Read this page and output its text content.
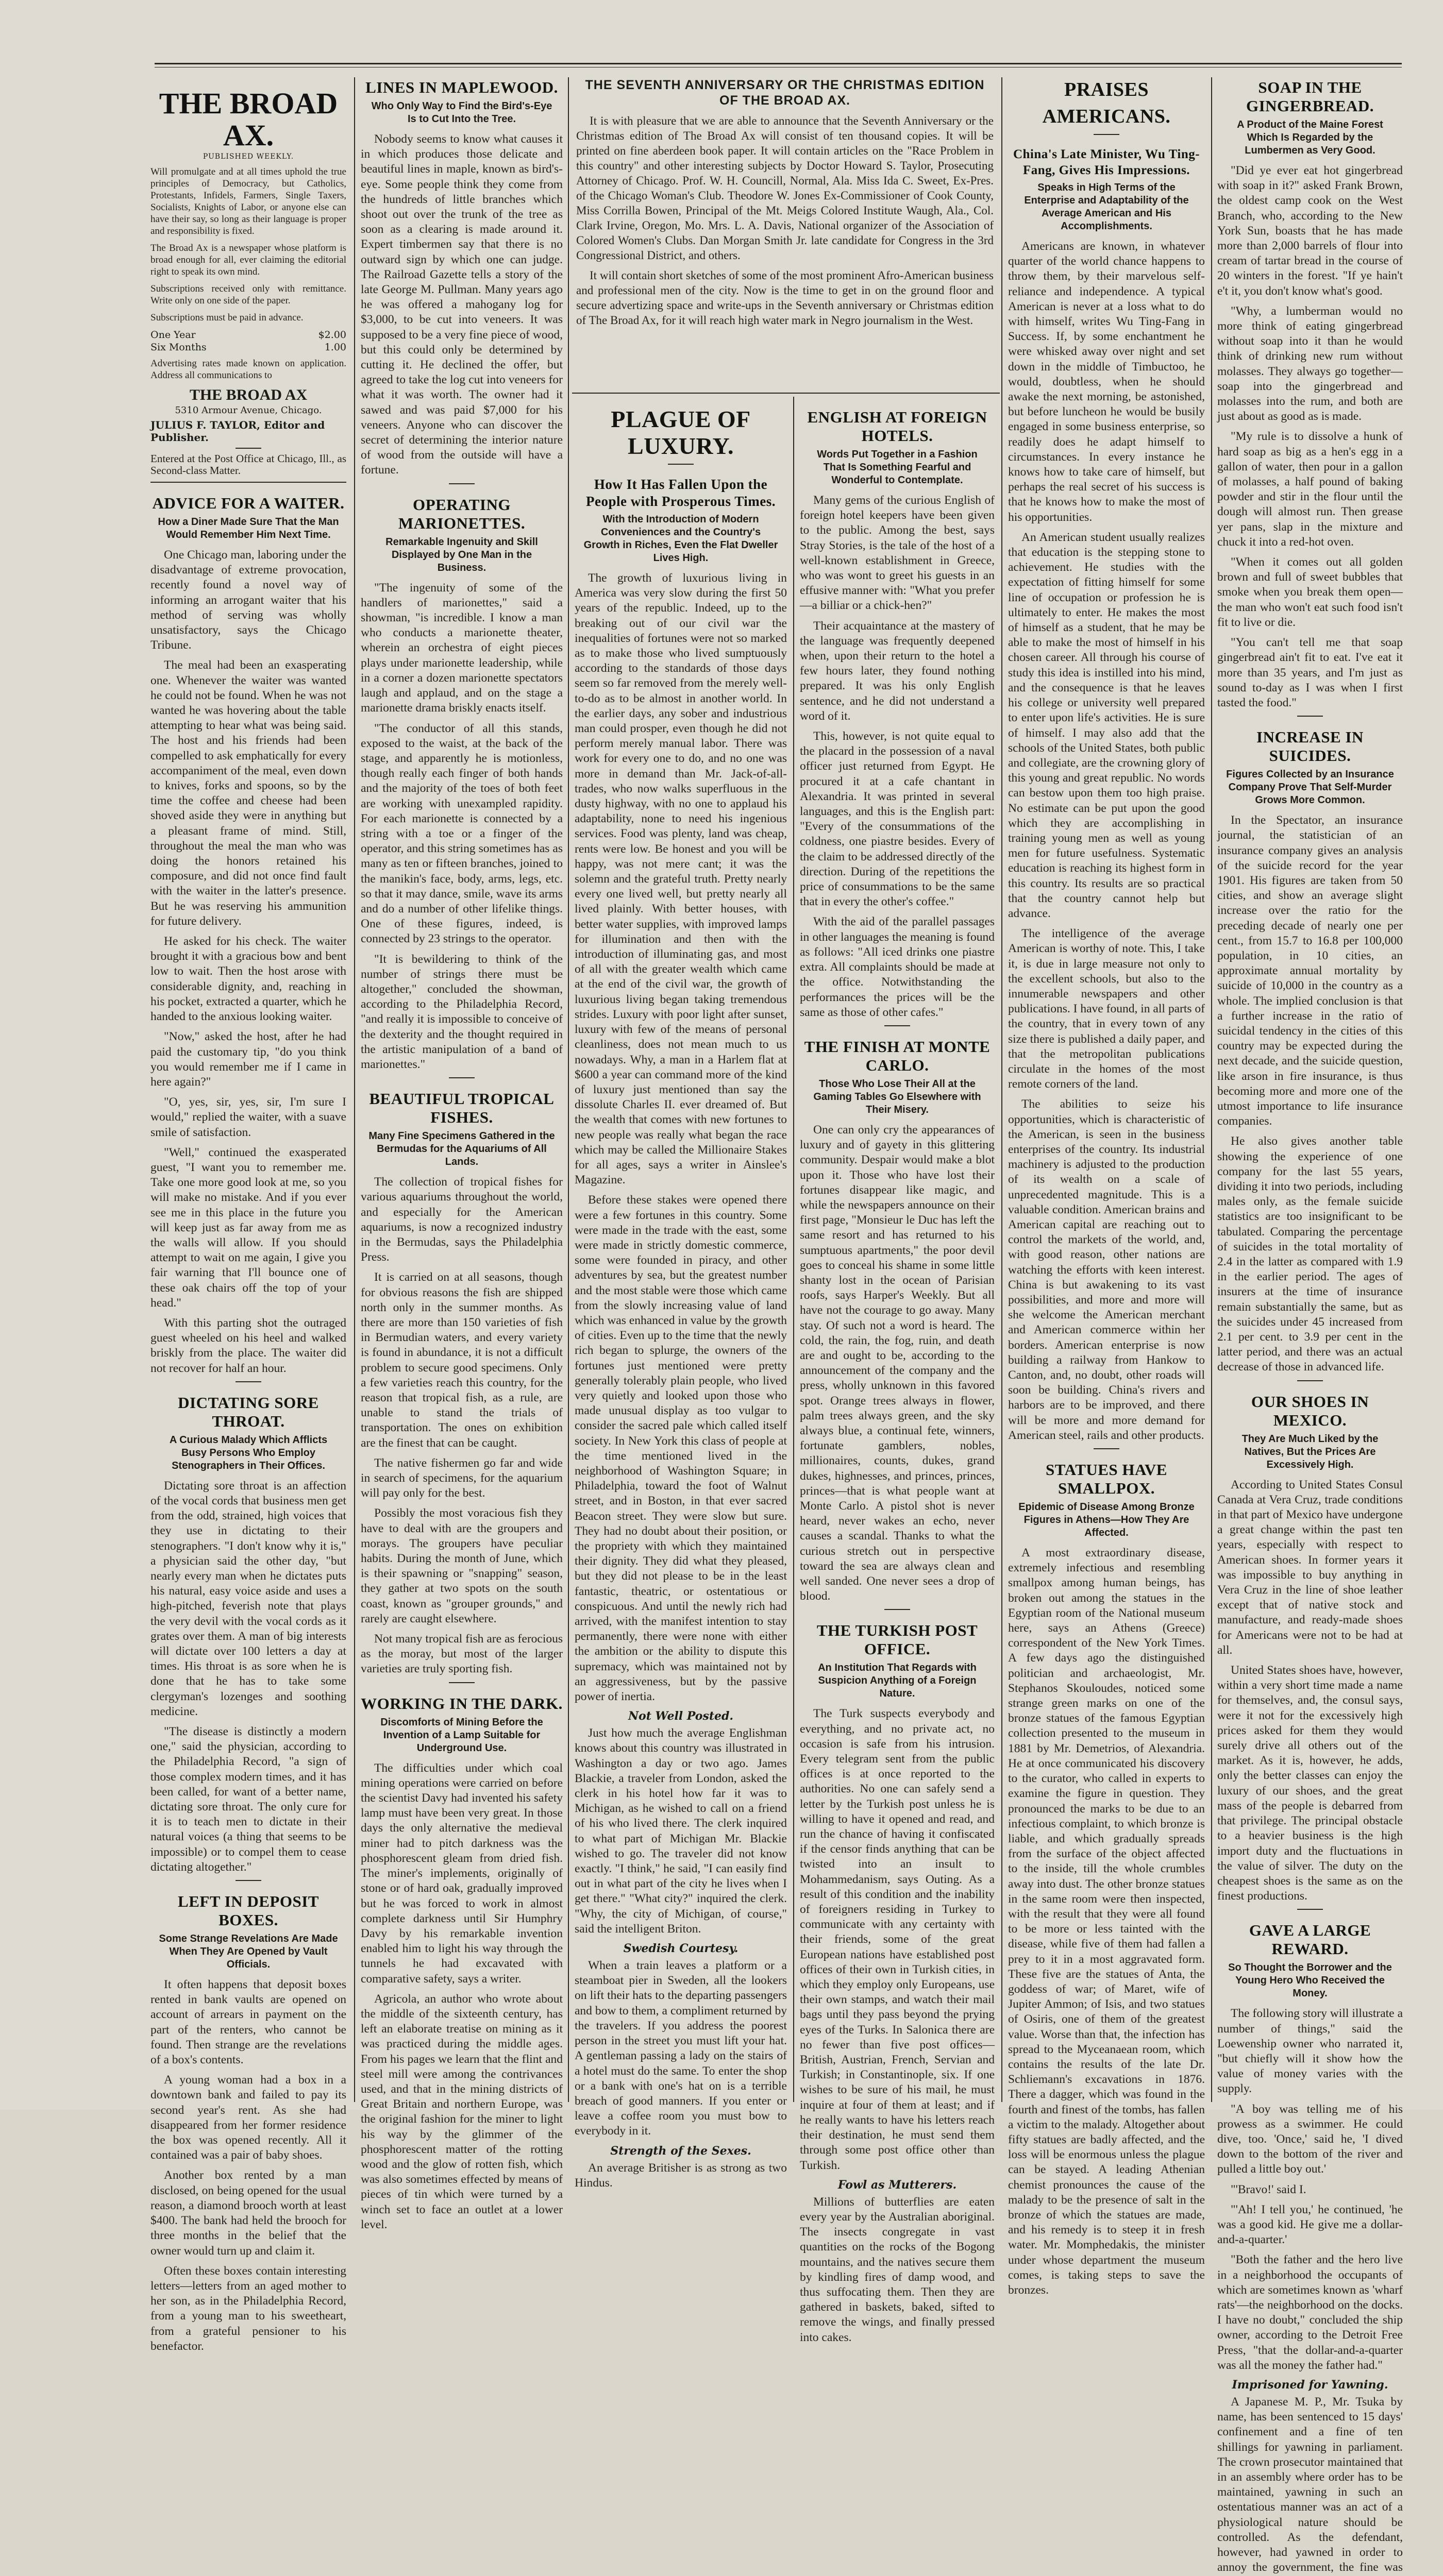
THE BROAD AX.
PUBLISHED WEEKLY.

Will promulgate and at all times uphold the true principles of Democracy, but Catholics, Protestants, Infidels, Farmers, Single Taxers, Socialists, Knights of Labor, or anyone else can have their say, so long as their language is proper and responsibility is fixed.

The Broad Ax is a newspaper whose platform is broad enough for all, ever claiming the editorial right to speak its own mind.

Subscriptions received only with remittance. Write only on one side of the paper.

Subscriptions must be paid in advance.

One Year	$2.00
Six Months	1.00

Advertising rates made known on application. Address all communications to

THE BROAD AX
5310 Armour Avenue, Chicago.
JULIUS F. TAYLOR, Editor and Publisher.

Entered at the Post Office at Chicago, Ill., as Second-class Matter.

ADVICE FOR A WAITER.
How a Diner Made Sure That the Man Would Remember Him Next Time.

One Chicago man, laboring under the disadvantage of extreme provocation, recently found a novel way of informing an arrogant waiter that his method of serving was wholly unsatisfactory, says the Chicago Tribune.

The meal had been an exasperating one. Whenever the waiter was wanted he could not be found. When he was not wanted he was hovering about the table attempting to hear what was being said. The host and his friends had been compelled to ask emphatically for every accompaniment of the meal, even down to knives, forks and spoons, so by the time the coffee and cheese had been shoved aside they were in anything but a pleasant frame of mind. Still, throughout the meal the man who was doing the honors retained his composure, and did not once find fault with the waiter in the latter's presence. But he was reserving his ammunition for future delivery.

He asked for his check. The waiter brought it with a gracious bow and bent low to wait. Then the host arose with considerable dignity, and, reaching in his pocket, extracted a quarter, which he handed to the anxious looking waiter.

"Now," asked the host, after he had paid the customary tip, "do you think you would remember me if I came in here again?"

"O, yes, sir, yes, sir, I'm sure I would," replied the waiter, with a suave smile of satisfaction.

"Well," continued the exasperated guest, "I want you to remember me. Take one more good look at me, so you will make no mistake. And if you ever see me in this place in the future you will keep just as far away from me as the walls will allow. If you should attempt to wait on me again, I give you fair warning that I'll bounce one of these oak chairs off the top of your head."

With this parting shot the outraged guest wheeled on his heel and walked briskly from the place. The waiter did not recover for half an hour.

DICTATING SORE THROAT.
A Curious Malady Which Afflicts Busy Persons Who Employ Stenographers in Their Offices.

Dictating sore throat is an affection of the vocal cords that business men get from the odd, strained, high voices that they use in dictating to their stenographers. "I don't know why it is," a physician said the other day, "but nearly every man when he dictates puts his natural, easy voice aside and uses a high-pitched, feverish note that plays the very devil with the vocal cords as it grates over them. A man of big interests will dictate over 100 letters a day at times. His throat is as sore when he is done that he has to take some clergyman's lozenges and soothing medicine.

"The disease is distinctly a modern one," said the physician, according to the Philadelphia Record, "a sign of those complex modern times, and it has been called, for want of a better name, dictating sore throat. The only cure for it is to teach men to dictate in their natural voices (a thing that seems to be impossible) or to compel them to cease dictating altogether."

LEFT IN DEPOSIT BOXES.
Some Strange Revelations Are Made When They Are Opened by Vault Officials.

It often happens that deposit boxes rented in bank vaults are opened on account of arrears in payment on the part of the renters, who cannot be found. Then strange are the revelations of a box's contents.

A young woman had a box in a downtown bank and failed to pay its second year's rent. As she had disappeared from her former residence the box was opened recently. All it contained was a pair of baby shoes.

Another box rented by a man disclosed, on being opened for the usual reason, a diamond brooch worth at least $400. The bank had held the brooch for three months in the belief that the owner would turn up and claim it.

Often these boxes contain interesting letters—letters from an aged mother to her son, as in the Philadelphia Record, from a young man to his sweetheart, from a grateful pensioner to his benefactor.

LINES IN MAPLEWOOD.
Who Only Way to Find the Bird's-Eye Is to Cut Into the Tree.

Nobody seems to know what causes it in which produces those delicate and beautiful lines in maple, known as bird's-eye. Some people think they come from the hundreds of little branches which shoot out over the trunk of the tree as soon as a clearing is made around it. Expert timbermen say that there is no outward sign by which one can judge. The Railroad Gazette tells a story of the late George M. Pullman. Many years ago he was offered a mahogany log for $3,000, to be cut into veneers. It was supposed to be a very fine piece of wood, but this could only be determined by cutting it. He declined the offer, but agreed to take the log cut into veneers for what it was worth. The owner had it sawed and was paid $7,000 for his veneers. Anyone who can discover the secret of determining the interior nature of wood from the outside will have a fortune.

OPERATING MARIONETTES.
Remarkable Ingenuity and Skill Displayed by One Man in the Business.

"The ingenuity of some of the handlers of marionettes," said a showman, "is incredible. I know a man who conducts a marionette theater, wherein an orchestra of eight pieces plays under marionette leadership, while in a corner a dozen marionette spectators laugh and applaud, and on the stage a marionette drama briskly enacts itself.

"The conductor of all this stands, exposed to the waist, at the back of the stage, and apparently he is motionless, though really each finger of both hands and the majority of the toes of both feet are working with unexampled rapidity. For each marionette is connected by a string with a toe or a finger of the operator, and this string sometimes has as many as ten or fifteen branches, joined to the manikin's face, body, arms, legs, etc. so that it may dance, smile, wave its arms and do a number of other lifelike things. One of these figures, indeed, is connected by 23 strings to the operator.

"It is bewildering to think of the number of strings there must be altogether," concluded the showman, according to the Philadelphia Record, "and really it is impossible to conceive of the dexterity and the thought required in the artistic manipulation of a band of marionettes."

BEAUTIFUL TROPICAL FISHES.
Many Fine Specimens Gathered in the Bermudas for the Aquariums of All Lands.

The collection of tropical fishes for various aquariums throughout the world, and especially for the American aquariums, is now a recognized industry in the Bermudas, says the Philadelphia Press.

It is carried on at all seasons, though for obvious reasons the fish are shipped north only in the summer months. As there are more than 150 varieties of fish in Bermudian waters, and every variety is found in abundance, it is not a difficult problem to secure good specimens. Only a few varieties reach this country, for the reason that tropical fish, as a rule, are unable to stand the trials of transportation. The ones on exhibition are the finest that can be caught.

The native fishermen go far and wide in search of specimens, for the aquarium will pay only for the best.

Possibly the most voracious fish they have to deal with are the groupers and morays. The groupers have peculiar habits. During the month of June, which is their spawning or "snapping" season, they gather at two spots on the south coast, known as "grouper grounds," and rarely are caught elsewhere.

Not many tropical fish are as ferocious as the moray, but most of the larger varieties are truly sporting fish.

WORKING IN THE DARK.
Discomforts of Mining Before the Invention of a Lamp Suitable for Underground Use.

The difficulties under which coal mining operations were carried on before the scientist Davy had invented his safety lamp must have been very great. In those days the only alternative the medieval miner had to pitch darkness was the phosphorescent gleam from dried fish. The miner's implements, originally of stone or of hard oak, gradually improved but he was forced to work in almost complete darkness until Sir Humphry Davy by his remarkable invention enabled him to light his way through the tunnels he had excavated with comparative safety, says a writer.

Agricola, an author who wrote about the middle of the sixteenth century, has left an elaborate treatise on mining as it was practiced during the middle ages. From his pages we learn that the flint and steel mill were among the contrivances used, and that in the mining districts of Great Britain and northern Europe, was the original fashion for the miner to light his way by the glimmer of the phosphorescent matter of the rotting wood and the glow of rotten fish, which was also sometimes effected by means of pieces of tin which were turned by a winch set to face an outlet at a lower level.

THE SEVENTH ANNIVERSARY OR THE CHRISTMAS EDITION OF THE BROAD AX.

It is with pleasure that we are able to announce that the Seventh Anniversary or the Christmas edition of The Broad Ax will consist of ten thousand copies. It will be printed on fine aberdeen book paper. It will contain articles on the "Race Problem in this country" and other interesting subjects by Doctor Howard S. Taylor, Prosecuting Attorney of Chicago. Prof. W. H. Councill, Normal, Ala. Miss Ida C. Sweet, Ex-Pres. of the Chicago Woman's Club. Theodore W. Jones Ex-Commissioner of Cook County, Miss Corrilla Bowen, Principal of the Mt. Meigs Colored Institute Waugh, Ala., Col. Clark Irvine, Oregon, Mo. Mrs. L. A. Davis, National organizer of the Association of Colored Women's Clubs. Dan Morgan Smith Jr. late candidate for Congress in the 3rd Congressional District, and others.

It will contain short sketches of some of the most prominent Afro-American business and professional men of the city. Now is the time to get in on the ground floor and secure advertizing space and write-ups in the Seventh anniversary or Christmas edition of The Broad Ax, for it will reach high water mark in Negro journalism in the West.

PLAGUE OF LUXURY.
How It Has Fallen Upon the People with Prosperous Times.
With the Introduction of Modern Conveniences and the Country's Growth in Riches, Even the Flat Dweller Lives High.

The growth of luxurious living in America was very slow during the first 50 years of the republic. Indeed, up to the breaking out of our civil war the inequalities of fortunes were not so marked as to make those who lived sumptuously according to the standards of those days seem so far removed from the merely well-to-do as to be almost in another world. In the earlier days, any sober and industrious man could prosper, even though he did not perform merely manual labor. There was work for every one to do, and no one was more in demand than Mr. Jack-of-all-trades, who now walks superfluous in the dusty highway, with no one to applaud his adaptability, none to need his ingenious services. Food was plenty, land was cheap, rents were low. Be honest and you will be happy, was not mere cant; it was the solemn and the grateful truth. Pretty nearly every one lived well, but pretty nearly all lived plainly. With better houses, with better water supplies, with improved lamps for illumination and then with the introduction of illuminating gas, and most of all with the greater wealth which came at the end of the civil war, the growth of luxurious living began taking tremendous strides. Luxury with poor light after sunset, luxury with few of the means of personal cleanliness, does not mean much to us nowadays. Why, a man in a Harlem flat at $600 a year can command more of the kind of luxury just mentioned than say the dissolute Charles II. ever dreamed of. But the wealth that comes with new fortunes to new people was really what began the race which may be called the Millionaire Stakes for all ages, says a writer in Ainslee's Magazine.

Before these stakes were opened there were a few fortunes in this country. Some were made in the trade with the east, some were made in strictly domestic commerce, some were founded in piracy, and other adventures by sea, but the greatest number and the most stable were those which came from the slowly increasing value of land which was enhanced in value by the growth of cities. Even up to the time that the newly rich began to splurge, the owners of the fortunes just mentioned were pretty generally tolerably plain people, who lived very quietly and looked upon those who made unusual display as too vulgar to consider the sacred pale which called itself society. In New York this class of people at the time mentioned lived in the neighborhood of Washington Square; in Philadelphia, toward the foot of Walnut street, and in Boston, in that ever sacred Beacon street. They were slow but sure. They had no doubt about their position, or the propriety with which they maintained their dignity. They did what they pleased, but they did not please to be in the least fantastic, theatric, or ostentatious or conspicuous. And until the newly rich had arrived, with the manifest intention to stay permanently, there were none with either the ambition or the ability to dispute this supremacy, which was maintained not by an aggressiveness, but by the passive power of inertia.

Not Well Posted.

Just how much the average Englishman knows about this country was illustrated in Washington a day or two ago. James Blackie, a traveler from London, asked the clerk in his hotel how far it was to Michigan, as he wished to call on a friend of his who lived there. The clerk inquired to what part of Michigan Mr. Blackie wished to go. The traveler did not know exactly. "I think," he said, "I can easily find out in what part of the city he lives when I get there." "What city?" inquired the clerk. "Why, the city of Michigan, of course," said the intelligent Briton.

Swedish Courtesy.

When a train leaves a platform or a steamboat pier in Sweden, all the lookers on lift their hats to the departing passengers and bow to them, a compliment returned by the travelers. If you address the poorest person in the street you must lift your hat. A gentleman passing a lady on the stairs of a hotel must do the same. To enter the shop or a bank with one's hat on is a terrible breach of good manners. If you enter or leave a coffee room you must bow to everybody in it.

Strength of the Sexes.

An average Britisher is as strong as two Hindus.

ENGLISH AT FOREIGN HOTELS.
Words Put Together in a Fashion That Is Something Fearful and Wonderful to Contemplate.

Many gems of the curious English of foreign hotel keepers have been given to the public. Among the best, says Stray Stories, is the tale of the host of a well-known establishment in Greece, who was wont to greet his guests in an effusive manner with: "What you prefer—a billiar or a chick-hen?"

Their acquaintance at the mastery of the language was frequently deepened when, upon their return to the hotel a few hours later, they found nothing prepared. It was his only English sentence, and he did not understand a word of it.

This, however, is not quite equal to the placard in the possession of a naval officer just returned from Egypt. He procured it at a cafe chantant in Alexandria. It was printed in several languages, and this is the English part: "Every of the consummations of the coldness, one piastre besides. Every of the claim to be addressed directly of the direction. During of the repetitions the price of consummations to be the same that in every the other's coffee."

With the aid of the parallel passages in other languages the meaning is found as follows: "All iced drinks one piastre extra. All complaints should be made at the office. Notwithstanding the performances the prices will be the same as those of other cafes."

THE FINISH AT MONTE CARLO.
Those Who Lose Their All at the Gaming Tables Go Elsewhere with Their Misery.

One can only cry the appearances of luxury and of gayety in this glittering community. Despair would make a blot upon it. Those who have lost their fortunes disappear like magic, and while the newspapers announce on their first page, "Monsieur le Duc has left the same resort and has returned to his sumptuous apartments," the poor devil goes to conceal his shame in some little shanty lost in the ocean of Parisian roofs, says Harper's Weekly. But all have not the courage to go away. Many stay. Of such not a word is heard. The cold, the rain, the fog, ruin, and death are and ought to be, according to the announcement of the company and the press, wholly unknown in this favored spot. Orange trees always in flower, palm trees always green, and the sky always blue, a continual fete, winners, fortunate gamblers, nobles, millionaires, counts, dukes, grand dukes, highnesses, and princes, princes, princes—that is what people want at Monte Carlo. A pistol shot is never heard, never wakes an echo, never causes a scandal. Thanks to what the curious stretch out in perspective toward the sea are always clean and well sanded. One never sees a drop of blood.

THE TURKISH POST OFFICE.
An Institution That Regards with Suspicion Anything of a Foreign Nature.

The Turk suspects everybody and everything, and no private act, no occasion is safe from his intrusion. Every telegram sent from the public offices is at once reported to the authorities. No one can safely send a letter by the Turkish post unless he is willing to have it opened and read, and run the chance of having it confiscated if the censor finds anything that can be twisted into an insult to Mohammedanism, says Outing. As a result of this condition and the inability of foreigners residing in Turkey to communicate with any certainty with their friends, some of the great European nations have established post offices of their own in Turkish cities, in which they employ only Europeans, use their own stamps, and watch their mail bags until they pass beyond the prying eyes of the Turks. In Salonica there are no fewer than five post offices—British, Austrian, French, Servian and Turkish; in Constantinople, six. If one wishes to be sure of his mail, he must inquire at four of them at least; and if he really wants to have his letters reach their destination, he must send them through some post office other than Turkish.

Fowl as Mutterers.

Millions of butterflies are eaten every year by the Australian aboriginal. The insects congregate in vast quantities on the rocks of the Bogong mountains, and the natives secure them by kindling fires of damp wood, and thus suffocating them. Then they are gathered in baskets, baked, sifted to remove the wings, and finally pressed into cakes.

PRAISES AMERICANS.
China's Late Minister, Wu Ting-Fang, Gives His Impressions.
Speaks in High Terms of the Enterprise and Adaptability of the Average American and His Accomplishments.

Americans are known, in whatever quarter of the world chance happens to throw them, by their marvelous self-reliance and independence. A typical American is never at a loss what to do with himself, writes Wu Ting-Fang in Success. If, by some enchantment he were whisked away over night and set down in the middle of Timbuctoo, he would, doubtless, when he should awake the next morning, be astonished, but before luncheon he would be busily engaged in some business enterprise, so readily does he adapt himself to circumstances. In every instance he knows how to take care of himself, but perhaps the real secret of his success is that he knows how to make the most of his opportunities.

An American student usually realizes that education is the stepping stone to achievement. He studies with the expectation of fitting himself for some line of occupation or profession he is ultimately to enter. He makes the most of himself as a student, that he may be able to make the most of himself in his chosen career. All through his course of study this idea is instilled into his mind, and the consequence is that he leaves his college or university well prepared to enter upon life's activities. He is sure of himself. I may also add that the schools of the United States, both public and collegiate, are the crowning glory of this young and great republic. No words can bestow upon them too high praise. No estimate can be put upon the good which they are accomplishing in training young men as well as young men for future usefulness. Systematic education is reaching its highest form in this country. Its results are so practical that the country cannot help but advance.

The intelligence of the average American is worthy of note. This, I take it, is due in large measure not only to the excellent schools, but also to the innumerable newspapers and other publications. I have found, in all parts of the country, that in every town of any size there is published a daily paper, and that the metropolitan publications circulate in the homes of the most remote corners of the land.

The abilities to seize his opportunities, which is characteristic of the American, is seen in the business enterprises of the country. Its industrial machinery is adjusted to the production of its wealth on a scale of unprecedented magnitude. This is a valuable condition. American brains and American capital are reaching out to control the markets of the world, and, with good reason, other nations are watching the efforts with keen interest. China is but awakening to its vast possibilities, and more and more will she welcome the American merchant and American commerce within her borders. American enterprise is now building a railway from Hankow to Canton, and, no doubt, other roads will soon be building. China's rivers and harbors are to be improved, and there will be more and more demand for American steel, rails and other products.

STATUES HAVE SMALLPOX.
Epidemic of Disease Among Bronze Figures in Athens—How They Are Affected.

A most extraordinary disease, extremely infectious and resembling smallpox among human beings, has broken out among the statues in the Egyptian room of the National museum here, says an Athens (Greece) correspondent of the New York Times. A few days ago the distinguished politician and archaeologist, Mr. Stephanos Skouloudes, noticed some strange green marks on one of the bronze statues of the famous Egyptian collection presented to the museum in 1881 by Mr. Demetrios, of Alexandria. He at once communicated his discovery to the curator, who called in experts to examine the figure in question. They pronounced the marks to be due to an infectious complaint, to which bronze is liable, and which gradually spreads from the surface of the object affected to the inside, till the whole crumbles away into dust. The other bronze statues in the same room were then inspected, with the result that they were all found to be more or less tainted with the disease, while five of them had fallen a prey to it in a most aggravated form. These five are the statues of Anta, the goddess of war; of Maret, wife of Jupiter Ammon; of Isis, and two statues of Osiris, one of them of the greatest value. Worse than that, the infection has spread to the Myceanaean room, which contains the results of the late Dr. Schliemann's excavations in 1876. There a dagger, which was found in the fourth and finest of the tombs, has fallen a victim to the malady. Altogether about fifty statues are badly affected, and the loss will be enormous unless the plague can be stayed. A leading Athenian chemist pronounces the cause of the malady to be the presence of salt in the bronze of which the statues are made, and his remedy is to steep it in fresh water. Mr. Momphedakis, the minister under whose department the museum comes, is taking steps to save the bronzes.

SOAP IN THE GINGERBREAD.
A Product of the Maine Forest Which Is Regarded by the Lumbermen as Very Good.

"Did ye ever eat hot gingerbread with soap in it?" asked Frank Brown, the oldest camp cook on the West Branch, who, according to the New York Sun, boasts that he has made more than 2,000 barrels of flour into cream of tartar bread in the course of 20 winters in the forest. "If ye hain't e't it, you don't know what's good.

"Why, a lumberman would no more think of eating gingerbread without soap into it than he would think of drinking new rum without molasses. They always go together—soap into the gingerbread and molasses into the rum, and both are just about as good as is made.

"My rule is to dissolve a hunk of hard soap as big as a hen's egg in a gallon of water, then pour in a gallon of molasses, a half pound of baking powder and stir in the flour until the dough will almost run. Then grease yer pans, slap in the mixture and chuck it into a red-hot oven.

"When it comes out all golden brown and full of sweet bubbles that smoke when you break them open—the man who won't eat such food isn't fit to live or die.

"You can't tell me that soap gingerbread ain't fit to eat. I've eat it more than 35 years, and I'm just as sound to-day as I was when I first tasted the food."

INCREASE IN SUICIDES.
Figures Collected by an Insurance Company Prove That Self-Murder Grows More Common.

In the Spectator, an insurance journal, the statistician of an insurance company gives an analysis of the suicide record for the year 1901. His figures are taken from 50 cities, and show an average slight increase over the ratio for the preceding decade of nearly one per cent., from 15.7 to 16.8 per 100,000 population, in 10 cities, an approximate annual mortality by suicide of 10,000 in the country as a whole. The implied conclusion is that a further increase in the ratio of suicidal tendency in the cities of this country may be expected during the next decade, and the suicide question, like arson in fire insurance, is thus becoming more and more one of the utmost importance to life insurance companies.

He also gives another table showing the experience of one company for the last 55 years, dividing it into two periods, including males only, as the female suicide statistics are too insignificant to be tabulated. Comparing the percentage of suicides in the total mortality of 2.4 in the latter as compared with 1.9 in the earlier period. The ages of insurers at the time of insurance remain substantially the same, but as the suicides under 45 increased from 2.1 per cent. to 3.9 per cent in the latter period, and there was an actual decrease of those in advanced life.

OUR SHOES IN MEXICO.
They Are Much Liked by the Natives, But the Prices Are Excessively High.

According to United States Consul Canada at Vera Cruz, trade conditions in that part of Mexico have undergone a great change within the past ten years, especially with respect to American shoes. In former years it was impossible to buy anything in Vera Cruz in the line of shoe leather except that of native stock and manufacture, and ready-made shoes for Americans were not to be had at all.

United States shoes have, however, within a very short time made a name for themselves, and, the consul says, were it not for the excessively high prices asked for them they would surely drive all others out of the market. As it is, however, he adds, only the better classes can enjoy the luxury of our shoes, and the great mass of the people is debarred from that privilege. The principal obstacle to a heavier business is the high import duty and the fluctuations in the value of silver. The duty on the cheapest shoes is the same as on the finest productions.

GAVE A LARGE REWARD.
So Thought the Borrower and the Young Hero Who Received the Money.

The following story will illustrate a number of things," said the Loewenship owner who narrated it, "but chiefly will it show how the value of money varies with the supply.

"A boy was telling me of his prowess as a swimmer. He could dive, too. 'Once,' said he, 'I dived down to the bottom of the river and pulled a little boy out.'

"'Bravo!' said I.

"'Ah! I tell you,' he continued, 'he was a good kid. He give me a dollar-and-a-quarter.'

"Both the father and the hero live in a neighborhood the occupants of which are sometimes known as 'wharf rats'—the neighborhood on the docks. I have no doubt," concluded the ship owner, according to the Detroit Free Press, "that the dollar-and-a-quarter was all the money the father had."

Imprisoned for Yawning.

A Japanese M. P., Mr. Tsuka by name, has been sentenced to 15 days' confinement and a fine of ten shillings for yawning in parliament. The crown prosecutor maintained that in an assembly where order has to be maintained, yawning in such an ostentatious manner was an act of a physiological nature should be controlled. As the defendant, however, had yawned in order to annoy the government, the fine was
